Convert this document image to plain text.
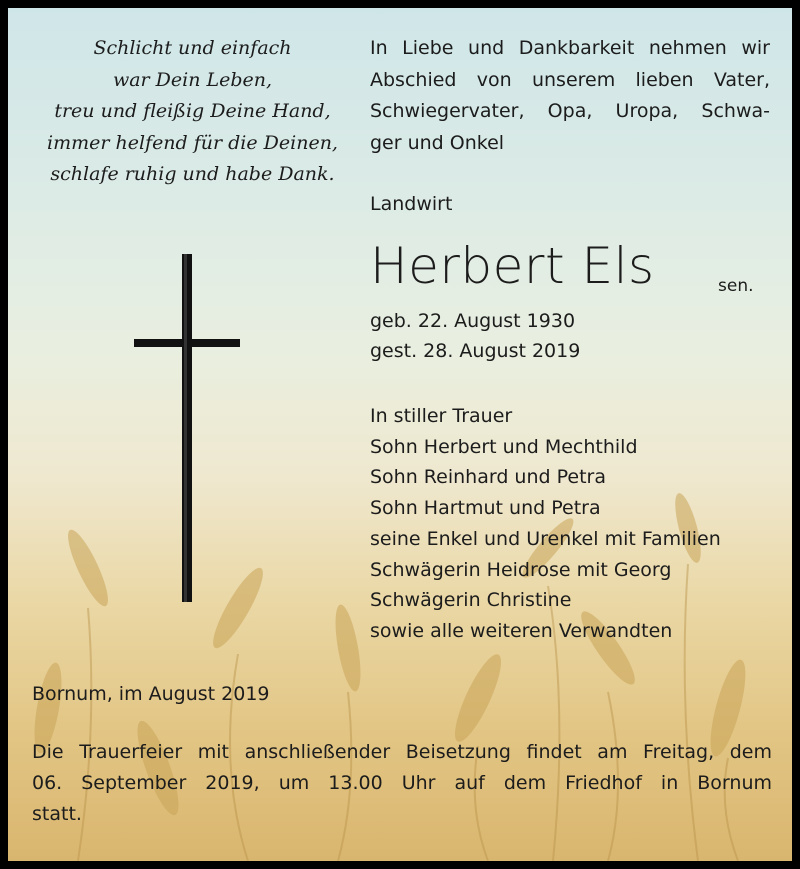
Schlicht und einfach
war Dein Leben,
treu und fleißig Deine Hand,
immer helfend für die Deinen,
schlafe ruhig und habe Dank.
In Liebe und Dankbarkeit nehmen wir
Abschied von unserem lieben Vater,
Schwiegervater, Opa, Uropa, Schwa-
ger und Onkel
Landwirt
Herbert Els	sen.
geb. 22. August 1930
gest. 28. August 2019
In stiller Trauer
Sohn Herbert und Mechthild
Sohn Reinhard und Petra
Sohn Hartmut und Petra
seine Enkel und Urenkel mit Familien
Schwägerin Heidrose mit Georg
Schwägerin Christine
sowie alle weiteren Verwandten
Bornum, im August 2019
Die Trauerfeier mit anschließender Beisetzung findet am Freitag, dem
06. September 2019, um 13.00 Uhr auf dem Friedhof in Bornum
statt.
